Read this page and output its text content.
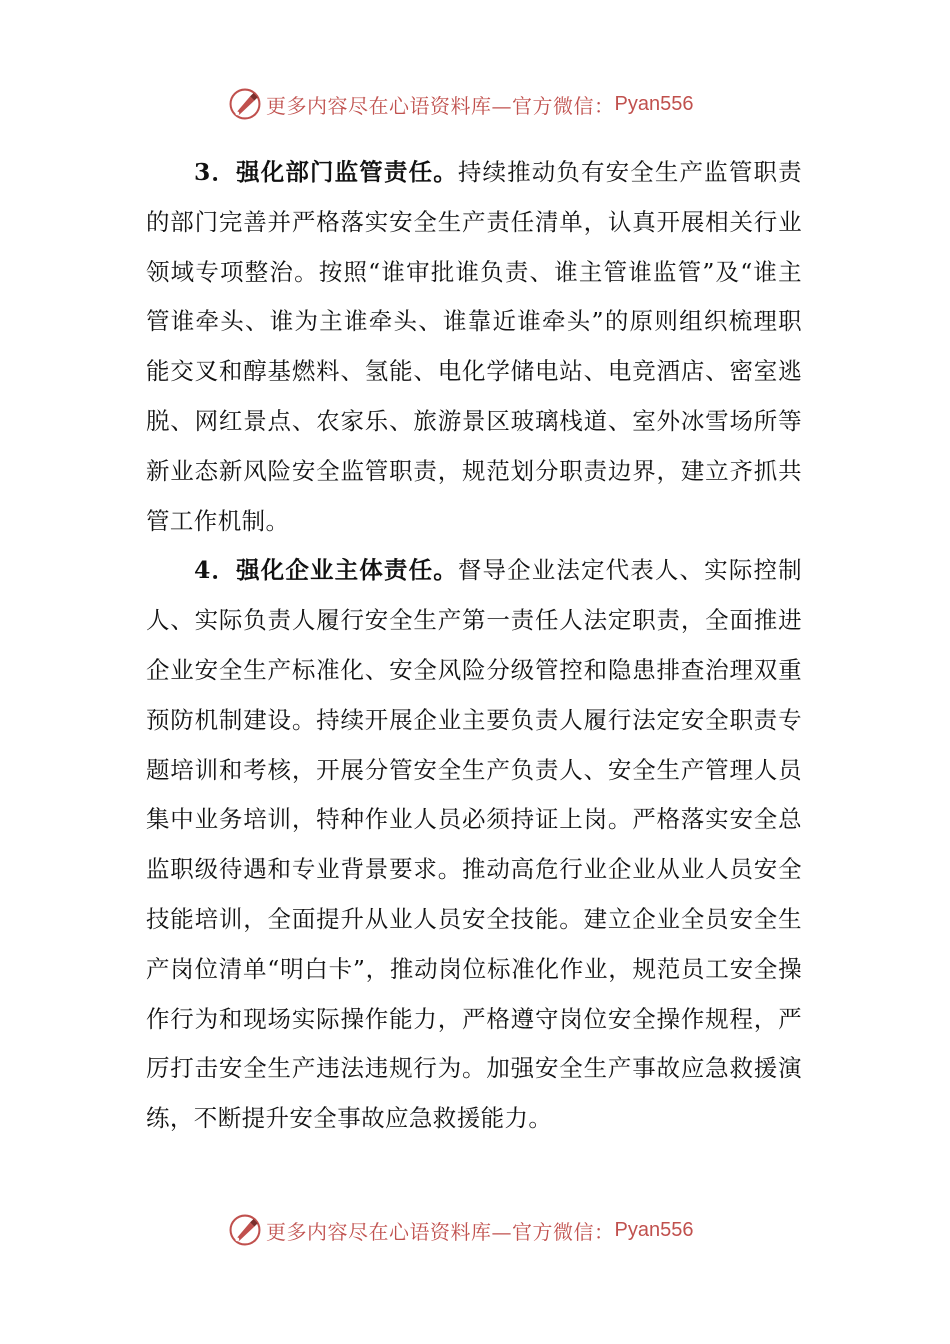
更多内容尽在心语资料库—官方微信： Pyan556

3．强化部门监管责任。持续推动负有安全生产监管职责的部门完善并严格落实安全生产责任清单，认真开展相关行业领域专项整治。按照“谁审批谁负责、谁主管谁监管”及“谁主管谁牵头、谁为主谁牵头、谁靠近谁牵头”的原则组织梳理职能交叉和醇基燃料、氢能、电化学储电站、电竞酒店、密室逃脱、网红景点、农家乐、旅游景区玻璃栈道、室外冰雪场所等新业态新风险安全监管职责，规范划分职责边界，建立齐抓共管工作机制。

4．强化企业主体责任。督导企业法定代表人、实际控制人、实际负责人履行安全生产第一责任人法定职责，全面推进企业安全生产标准化、安全风险分级管控和隐患排查治理双重预防机制建设。持续开展企业主要负责人履行法定安全职责专题培训和考核，开展分管安全生产负责人、安全生产管理人员集中业务培训，特种作业人员必须持证上岗。严格落实安全总监职级待遇和专业背景要求。推动高危行业企业从业人员安全技能培训，全面提升从业人员安全技能。建立企业全员安全生产岗位清单“明白卡”，推动岗位标准化作业，规范员工安全操作行为和现场实际操作能力，严格遵守岗位安全操作规程，严厉打击安全生产违法违规行为。加强安全生产事故应急救援演练，不断提升安全事故应急救援能力。

更多内容尽在心语资料库—官方微信： Pyan556
